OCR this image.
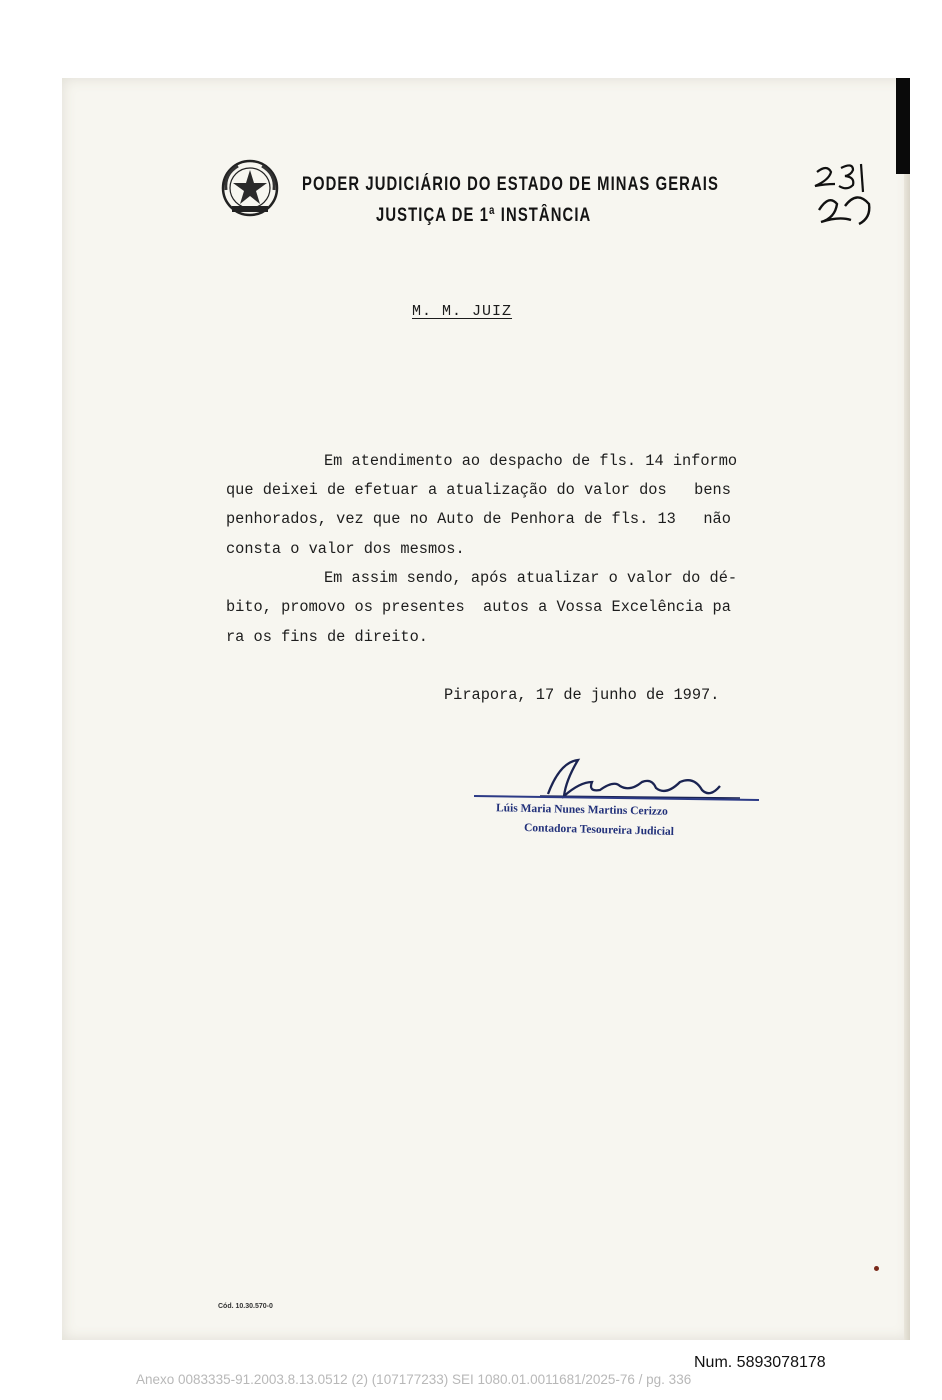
PODER JUDICIÁRIO DO ESTADO DE MINAS GERAIS
JUSTIÇA DE 1ª INSTÂNCIA
M. M. JUIZ
Em atendimento ao despacho de fls. 14 informo
que deixei de efetuar a atualização do valor dos   bens
penhorados, vez que no Auto de Penhora de fls. 13   não
consta o valor dos mesmos.
Em assim sendo, após atualizar o valor do dé-
bito, promovo os presentes  autos a Vossa Excelência pa
ra os fins de direito.
Pirapora, 17 de junho de 1997.
Lúis Maria Nunes Martins Cerizzo
Contadora Tesoureira Judicial
Cód. 10.30.570-0
Num. 5893078178
Anexo 0083335-91.2003.8.13.0512 (2) (107177233) SEI 1080.01.0011681/2025-76 / pg. 336
